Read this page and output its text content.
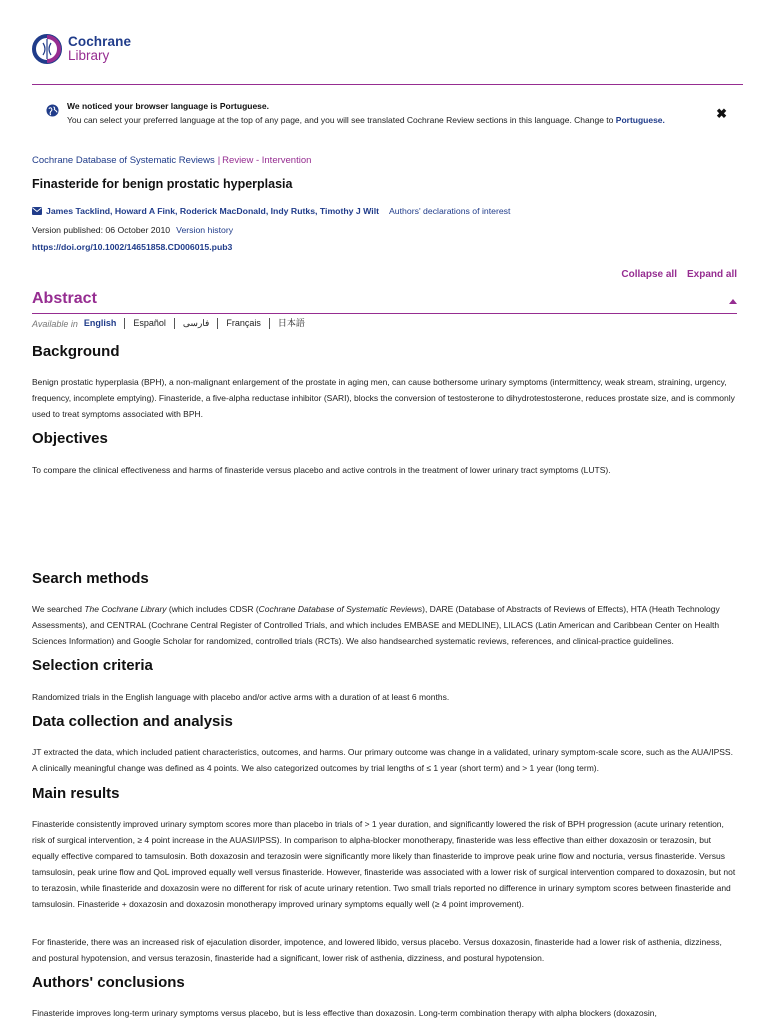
Cochrane
Library
We noticed your browser language is Portuguese.
You can select your preferred language at the top of any page, and you will see translated Cochrane Review sections in this language. Change to Portuguese.	✖
Cochrane Database of Systematic Reviews | Review - Intervention
Finasteride for benign prostatic hyperplasia
James Tacklind, Howard A Fink, Roderick MacDonald, Indy Rutks, Timothy J Wilt Authors' declarations of interest
Version published: 06 October 2010 Version history
https://doi.org/10.1002/14651858.CD006015.pub3
Collapse all Expand all
Abstract
Available in English	Español	فارسی	Français	日本語
Background

Benign prostatic hyperplasia (BPH), a non-malignant enlargement of the prostate in aging men, can cause bothersome urinary symptoms (intermittency, weak stream, straining, urgency, frequency, incomplete emptying). Finasteride, a five-alpha reductase inhibitor (SARI), blocks the conversion of testosterone to dihydrotestosterone, reduces prostate size, and is commonly used to treat symptoms associated with BPH.

Objectives

To compare the clinical effectiveness and harms of finasteride versus placebo and active controls in the treatment of lower urinary tract symptoms (LUTS).

Search methods

We searched The Cochrane Library (which includes CDSR (Cochrane Database of Systematic Reviews), DARE (Database of Abstracts of Reviews of Effects), HTA (Heath Technology Assessments), and CENTRAL (Cochrane Central Register of Controlled Trials, and which includes EMBASE and MEDLINE), LILACS (Latin American and Caribbean Center on Health Sciences Information) and Google Scholar for randomized, controlled trials (RCTs). We also handsearched systematic reviews, references, and clinical-practice guidelines.

Selection criteria

Randomized trials in the English language with placebo and/or active arms with a duration of at least 6 months.

Data collection and analysis

JT extracted the data, which included patient characteristics, outcomes, and harms. Our primary outcome was change in a validated, urinary symptom-scale score, such as the AUA/IPSS. A clinically meaningful change was defined as 4 points. We also categorized outcomes by trial lengths of ≤ 1 year (short term) and > 1 year (long term).

Main results

Finasteride consistently improved urinary symptom scores more than placebo in trials of > 1 year duration, and significantly lowered the risk of BPH progression (acute urinary retention, risk of surgical intervention, ≥ 4 point increase in the AUASI/IPSS). In comparison to alpha-blocker monotherapy, finasteride was less effective than either doxazosin or terazosin, but equally effective compared to tamsulosin. Both doxazosin and terazosin were significantly more likely than finasteride to improve peak urine flow and nocturia, versus finasteride. Versus tamsulosin, peak urine flow and QoL improved equally well versus finasteride. However, finasteride was associated with a lower risk of surgical intervention compared to doxazosin, but not to terazosin, while finasteride and doxazosin were no different for risk of acute urinary retention. Two small trials reported no difference in urinary symptom scores between finasteride and tamsulosin. Finasteride + doxazosin and doxazosin monotherapy improved urinary symptoms equally well (≥ 4 point improvement).

For finasteride, there was an increased risk of ejaculation disorder, impotence, and lowered libido, versus placebo. Versus doxazosin, finasteride had a lower risk of asthenia, dizziness, and postural hypotension, and versus terazosin, finasteride had a significant, lower risk of asthenia, dizziness, and postural hypotension.

Authors' conclusions

Finasteride improves long-term urinary symptoms versus placebo, but is less effective than doxazosin. Long-term combination therapy with alpha blockers (doxazosin,
